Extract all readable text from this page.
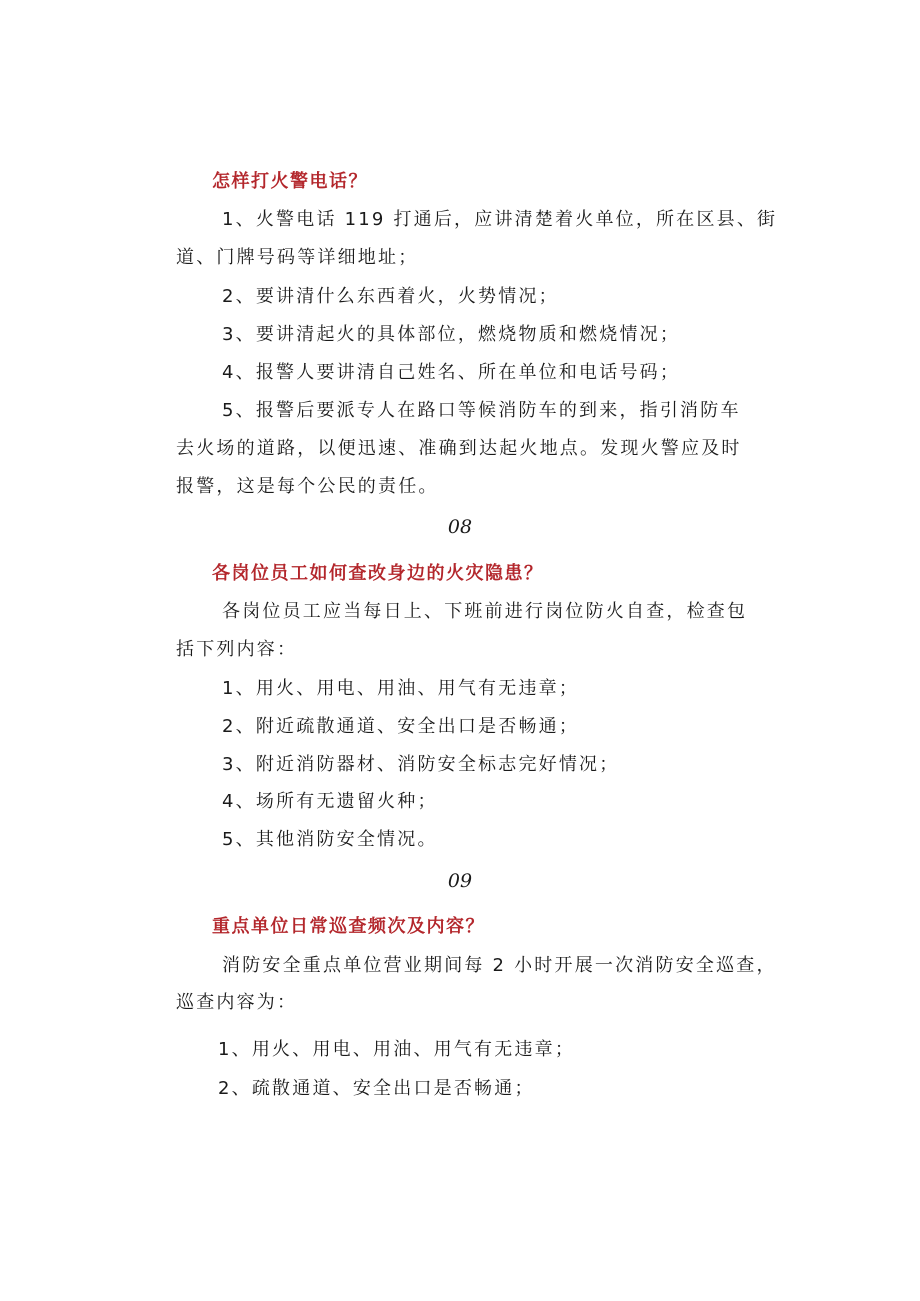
怎样打火警电话？
1、火警电话 119 打通后，应讲清楚着火单位，所在区县、街
道、门牌号码等详细地址；
2、要讲清什么东西着火，火势情况；
3、要讲清起火的具体部位，燃烧物质和燃烧情况；
4、报警人要讲清自己姓名、所在单位和电话号码；
5、报警后要派专人在路口等候消防车的到来，指引消防车
去火场的道路，以便迅速、准确到达起火地点。发现火警应及时
报警，这是每个公民的责任。
08
各岗位员工如何查改身边的火灾隐患？
各岗位员工应当每日上、下班前进行岗位防火自查，检查包
括下列内容：
1、用火、用电、用油、用气有无违章；
2、附近疏散通道、安全出口是否畅通；
3、附近消防器材、消防安全标志完好情况；
4、场所有无遗留火种；
5、其他消防安全情况。
09
重点单位日常巡查频次及内容？
消防安全重点单位营业期间每 2 小时开展一次消防安全巡查，
巡查内容为：
1、用火、用电、用油、用气有无违章；
2、疏散通道、安全出口是否畅通；
